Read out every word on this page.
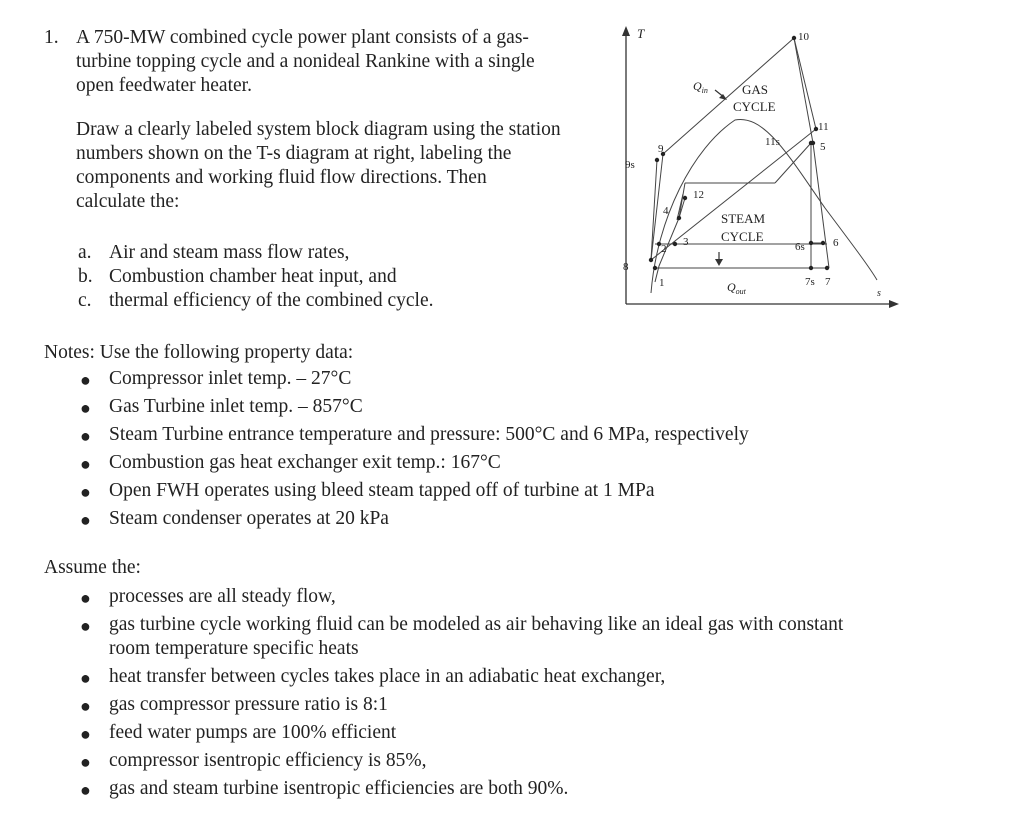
1. A 750-MW combined cycle power plant consists of a gas-
turbine topping cycle and a nonideal Rankine with a single
open feedwater heater.
Draw a clearly labeled system block diagram using the station
numbers shown on the T-s diagram at right, labeling the
components and working fluid flow directions. Then
calculate the:
a. Air and steam mass flow rates,
b. Combustion chamber heat input, and
c. thermal efficiency of the combined cycle.
T
s
10
11
11s	5
9
9s
12
4
3
2
8
1
6s	6
7s 7
GAS
CYCLE
STEAM
CYCLE
$Q_{in}$
$Q_{out}$
Notes: Use the following property data:
● Compressor inlet temp. – 27°C
● Gas Turbine inlet temp. – 857°C
● Steam Turbine entrance temperature and pressure: 500°C and 6 MPa, respectively
● Combustion gas heat exchanger exit temp.: 167°C
● Open FWH operates using bleed steam tapped off of turbine at 1 MPa
● Steam condenser operates at 20 kPa
Assume the:
● processes are all steady flow,
● gas turbine cycle working fluid can be modeled as air behaving like an ideal gas with constant
room temperature specific heats
● heat transfer between cycles takes place in an adiabatic heat exchanger,
● gas compressor pressure ratio is 8:1
● feed water pumps are 100% efficient
● compressor isentropic efficiency is 85%,
● gas and steam turbine isentropic efficiencies are both 90%.
